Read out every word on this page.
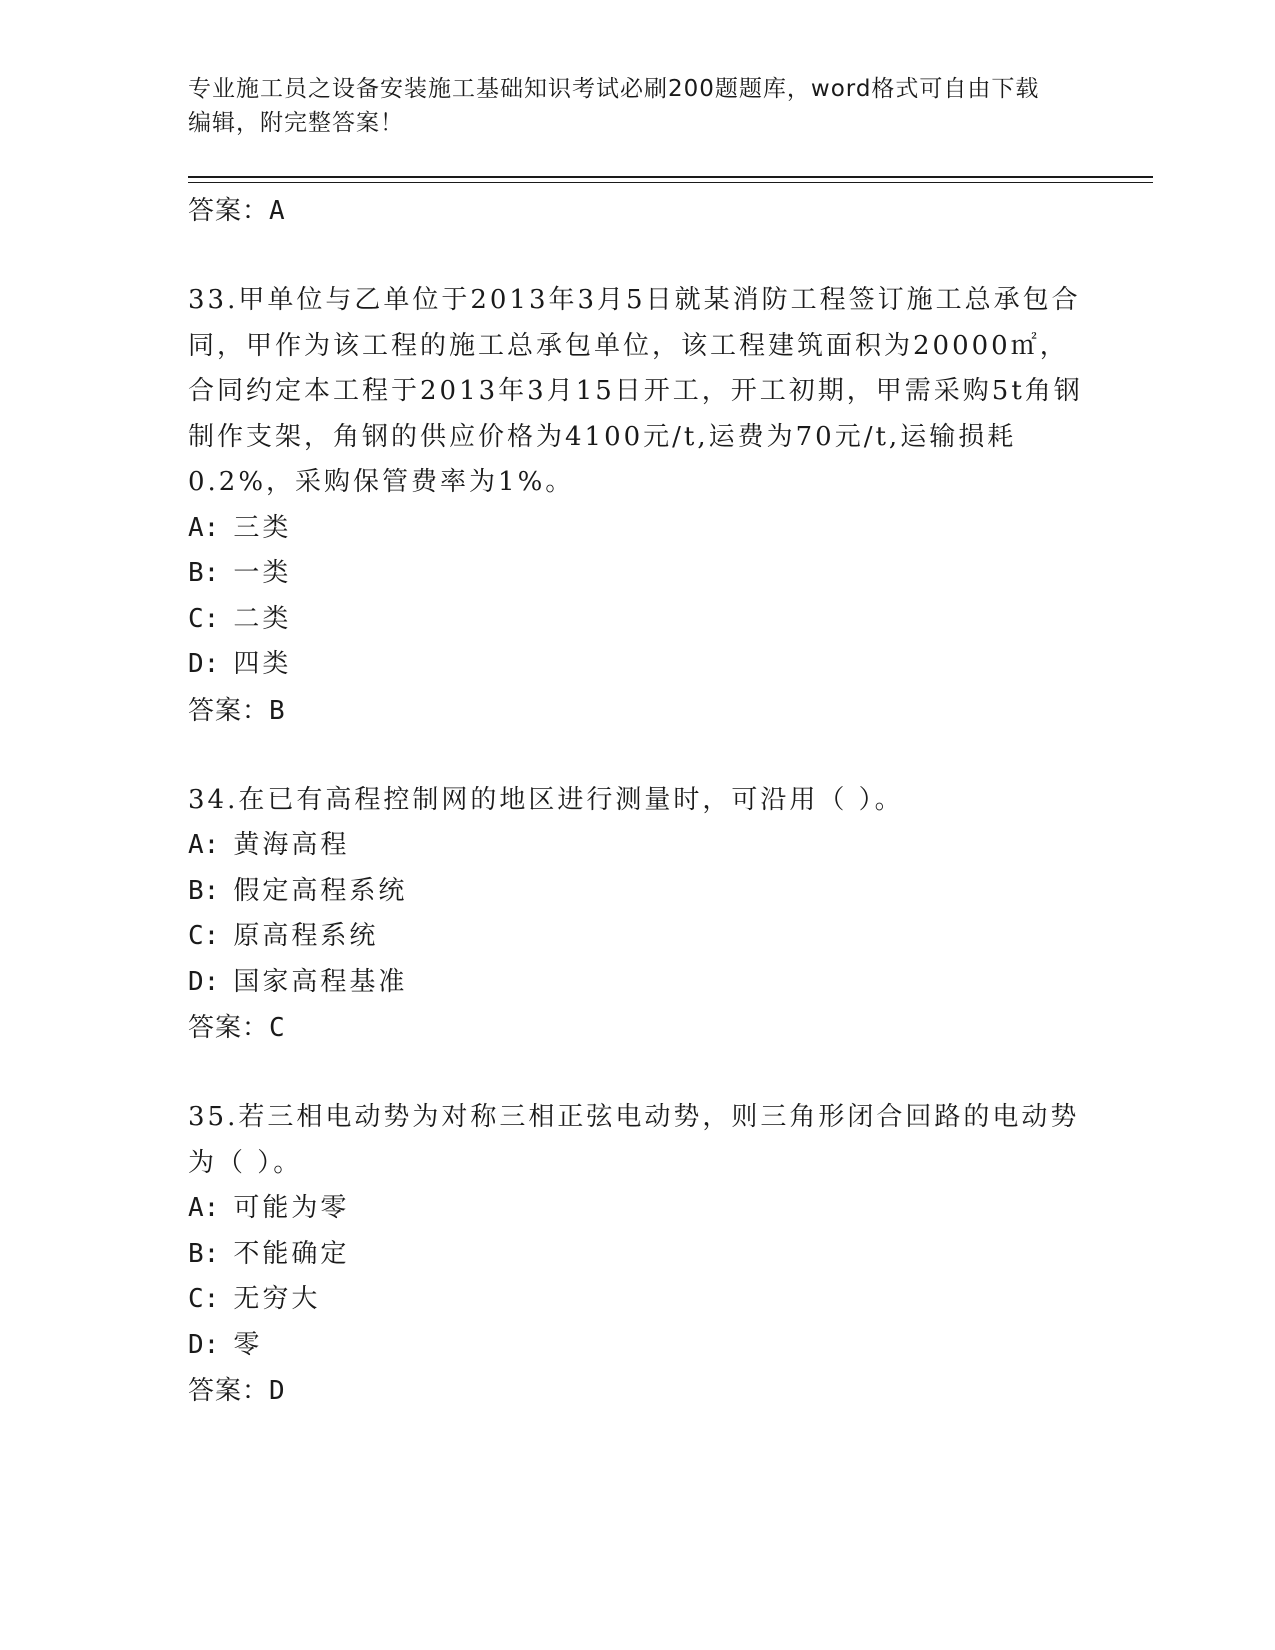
专业施工员之设备安装施工基础知识考试必刷200题题库，word格式可自由下载
编辑，附完整答案！
答案：A
33.甲单位与乙单位于2013年3月5日就某消防工程签订施工总承包合同，甲作为该工程的施工总承包单位，该工程建筑面积为20000㎡，合同约定本工程于2013年3月15日开工，开工初期，甲需采购5t角钢制作支架，角钢的供应价格为4100元/t,运费为70元/t,运输损耗0.2%，采购保管费率为1%。
A: 三类
B: 一类
C: 二类
D: 四类
答案：B
34.在已有高程控制网的地区进行测量时，可沿用（ ）。
A: 黄海高程
B: 假定高程系统
C: 原高程系统
D: 国家高程基准
答案：C
35.若三相电动势为对称三相正弦电动势，则三角形闭合回路的电动势为（ ）。
A: 可能为零
B: 不能确定
C: 无穷大
D: 零
答案：D
